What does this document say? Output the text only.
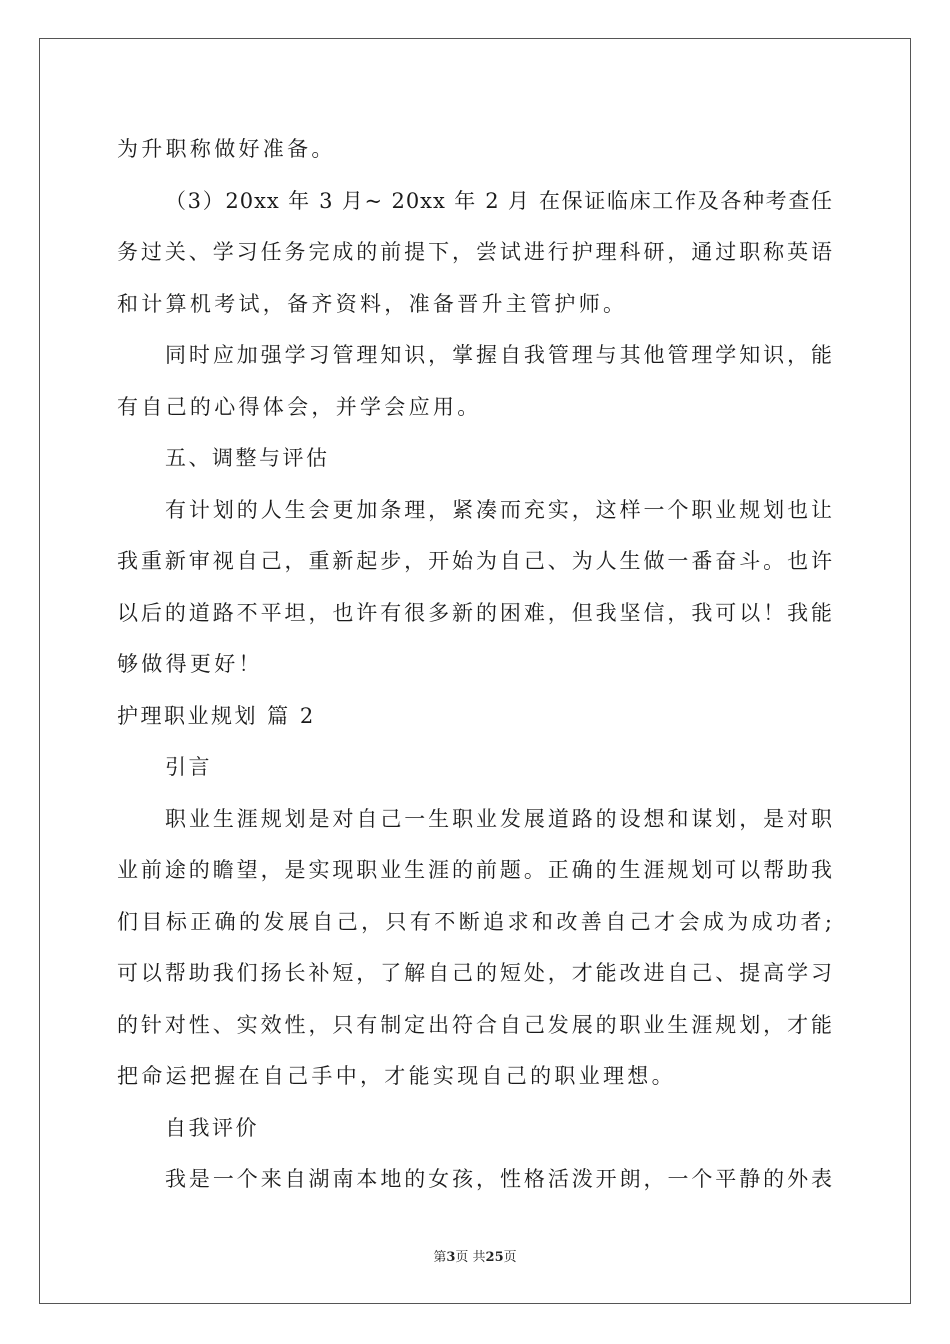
为升职称做好准备。
（3）20xx 年 3 月~ 20xx 年 2 月 在保证临床工作及各种考查任
务过关、学习任务完成的前提下，尝试进行护理科研，通过职称英语
和计算机考试，备齐资料，准备晋升主管护师。
同时应加强学习管理知识，掌握自我管理与其他管理学知识，能
有自己的心得体会，并学会应用。
五、调整与评估
有计划的人生会更加条理，紧凑而充实，这样一个职业规划也让
我重新审视自己，重新起步，开始为自己、为人生做一番奋斗。也许
以后的道路不平坦，也许有很多新的困难，但我坚信，我可以！我能
够做得更好！
护理职业规划 篇 2
引言
职业生涯规划是对自己一生职业发展道路的设想和谋划，是对职
业前途的瞻望，是实现职业生涯的前题。正确的生涯规划可以帮助我
们目标正确的发展自己，只有不断追求和改善自己才会成为成功者;
可以帮助我们扬长补短，了解自己的短处，才能改进自己、提高学习
的针对性、实效性，只有制定出符合自己发展的职业生涯规划，才能
把命运把握在自己手中，才能实现自己的职业理想。
自我评价
我是一个来自湖南本地的女孩，性格活泼开朗，一个平静的外表
第3页 共25页
